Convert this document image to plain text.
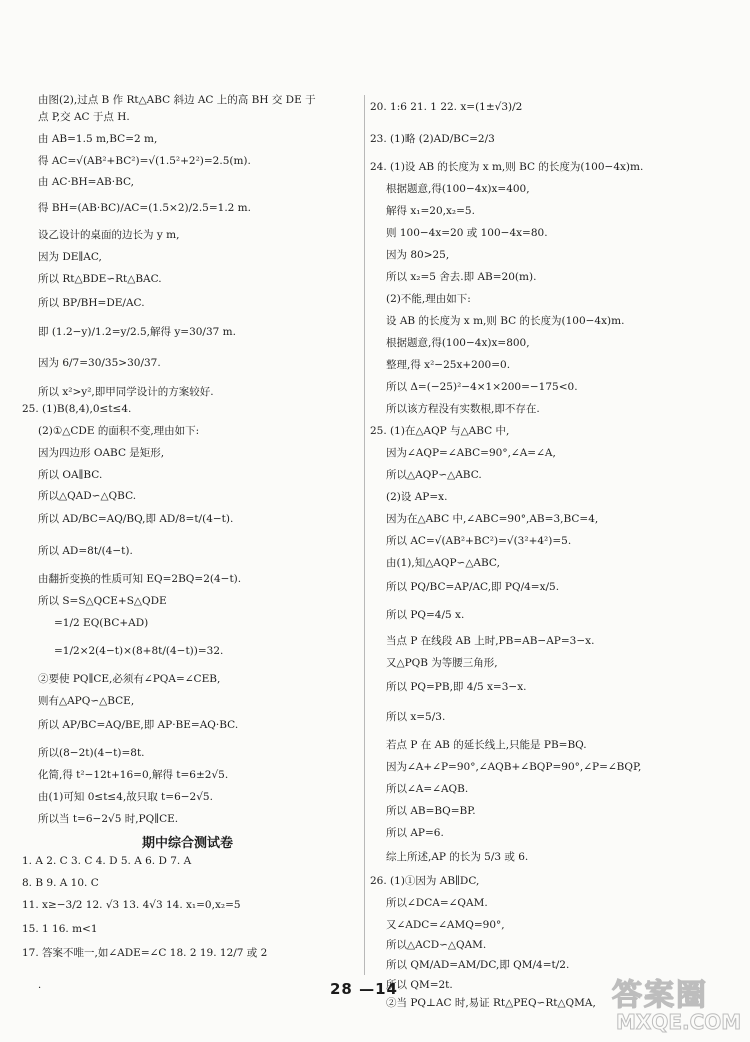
由图(2),过点 B 作 Rt△ABC 斜边 AC 上的高 BH 交 DE 于
点 P,交 AC 于点 H.
由 AB=1.5 m,BC=2 m,
得 AC=√(AB²+BC²)=√(1.5²+2²)=2.5(m).
由 AC·BH=AB·BC,
得 BH=(AB·BC)/AC=(1.5×2)/2.5=1.2 m.
设乙设计的桌面的边长为 y m,
因为 DE∥AC,
所以 Rt△BDE∽Rt△BAC.
所以 BP/BH=DE/AC.
即 (1.2−y)/1.2=y/2.5,解得 y=30/37 m.
因为 6/7=30/35>30/37.
所以 x²>y²,即甲同学设计的方案较好.
25. (1)B(8,4),0≤t≤4.
(2)①△CDE 的面积不变,理由如下:
因为四边形 OABC 是矩形,
所以 OA∥BC.
所以△QAD∽△QBC.
所以 AD/BC=AQ/BQ,即 AD/8=t/(4−t).
所以 AD=8t/(4−t).
由翻折变换的性质可知 EQ=2BQ=2(4−t).
所以 S=S△QCE+S△QDE
=1/2 EQ(BC+AD)
=1/2×2(4−t)×(8+8t/(4−t))=32.
②要使 PQ∥CE,必须有∠PQA=∠CEB,
则有△APQ∽△BCE,
所以 AP/BC=AQ/BE,即 AP·BE=AQ·BC.
所以(8−2t)(4−t)=8t.
化简,得 t²−12t+16=0,解得 t=6±2√5.
由(1)可知 0≤t≤4,故只取 t=6−2√5.
所以当 t=6−2√5 时,PQ∥CE.
期中综合测试卷
1. A 2. C 3. C 4. D 5. A 6. D 7. A
8. B 9. A 10. C
11. x≥−3/2 12. √3 13. 4√3 14. x₁=0,x₂=5
15. 1 16. m<1
17. 答案不唯一,如∠ADE=∠C 18. 2 19. 12/7 或 2
20. 1:6 21. 1 22. x=(1±√3)/2
23. (1)略 (2)AD/BC=2/3
24. (1)设 AB 的长度为 x m,则 BC 的长度为(100−4x)m.
根据题意,得(100−4x)x=400,
解得 x₁=20,x₂=5.
则 100−4x=20 或 100−4x=80.
因为 80>25,
所以 x₂=5 舍去.即 AB=20(m).
(2)不能,理由如下:
设 AB 的长度为 x m,则 BC 的长度为(100−4x)m.
根据题意,得(100−4x)x=800,
整理,得 x²−25x+200=0.
所以 Δ=(−25)²−4×1×200=−175<0.
所以该方程没有实数根,即不存在.
25. (1)在△AQP 与△ABC 中,
因为∠AQP=∠ABC=90°,∠A=∠A,
所以△AQP∽△ABC.
(2)设 AP=x.
因为在△ABC 中,∠ABC=90°,AB=3,BC=4,
所以 AC=√(AB²+BC²)=√(3²+4²)=5.
由(1),知△AQP∽△ABC,
所以 PQ/BC=AP/AC,即 PQ/4=x/5.
所以 PQ=4/5 x.
当点 P 在线段 AB 上时,PB=AB−AP=3−x.
又△PQB 为等腰三角形,
所以 PQ=PB,即 4/5 x=3−x.
所以 x=5/3.
若点 P 在 AB 的延长线上,只能是 PB=BQ.
因为∠A+∠P=90°,∠AQB+∠BQP=90°,∠P=∠BQP,
所以∠A=∠AQB.
所以 AB=BQ=BP.
所以 AP=6.
综上所述,AP 的长为 5/3 或 6.
26. (1)①因为 AB∥DC,
所以∠DCA=∠QAM.
又∠ADC=∠AMQ=90°,
所以△ACD∽△QAM.
所以 QM/AD=AM/DC,即 QM/4=t/2.
所以 QM=2t.
②当 PQ⊥AC 时,易证 Rt△PEQ∽Rt△QMA,
·	28 —14	答案圈
MXQE.COM
